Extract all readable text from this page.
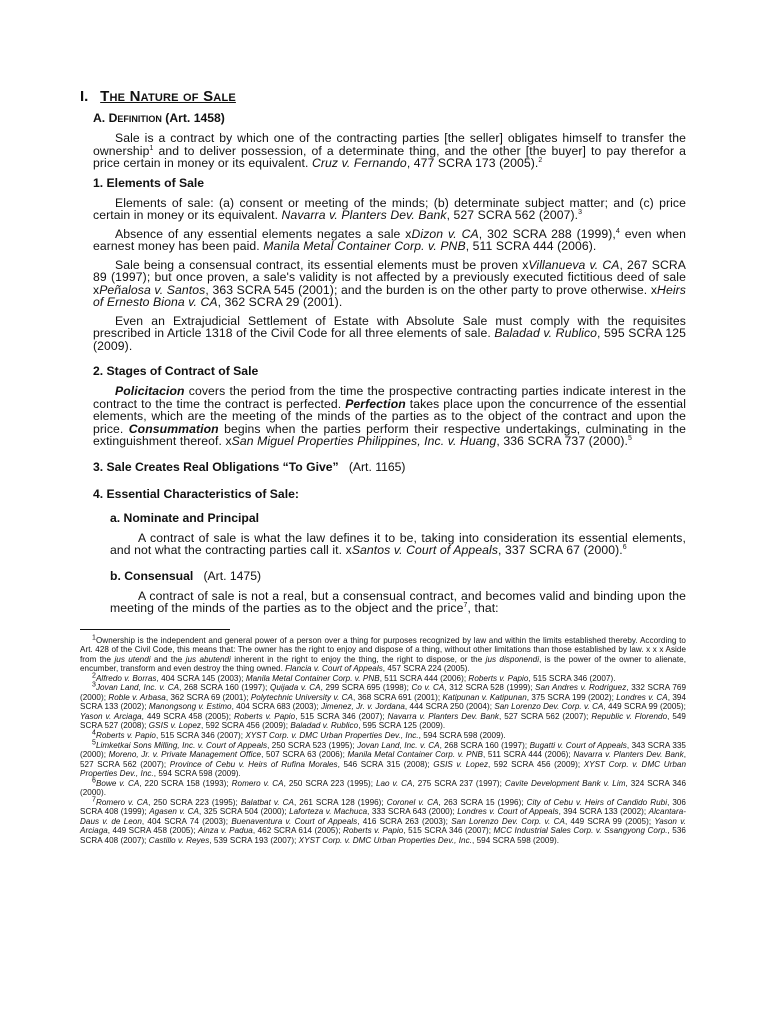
I. The Nature of Sale
A. Definition (Art. 1458)

Sale is a contract by which one of the contracting parties [the seller] obligates himself to transfer the ownership$^1$ and to deliver possession, of a determinate thing, and the other [the buyer] to pay therefor a price certain in money or its equivalent. Cruz v. Fernando, 477 SCRA 173 (2005).$^2$

1. Elements of Sale

Elements of sale: (a) consent or meeting of the minds; (b) determinate subject matter; and (c) price certain in money or its equivalent. Navarra v. Planters Dev. Bank, 527 SCRA 562 (2007).$^3$

Absence of any essential elements negates a sale xDizon v. CA, 302 SCRA 288 (1999),$^4$ even when earnest money has been paid. Manila Metal Container Corp. v. PNB, 511 SCRA 444 (2006).

Sale being a consensual contract, its essential elements must be proven xVillanueva v. CA, 267 SCRA 89 (1997); but once proven, a sale's validity is not affected by a previously executed fictitious deed of sale xPeñalosa v. Santos, 363 SCRA 545 (2001); and the burden is on the other party to prove otherwise. xHeirs of Ernesto Biona v. CA, 362 SCRA 29 (2001).

Even an Extrajudicial Settlement of Estate with Absolute Sale must comply with the requisites prescribed in Article 1318 of the Civil Code for all three elements of sale. Baladad v. Rublico, 595 SCRA 125 (2009).

2. Stages of Contract of Sale

Policitacion covers the period from the time the prospective contracting parties indicate interest in the contract to the time the contract is perfected. Perfection takes place upon the concurrence of the essential elements, which are the meeting of the minds of the parties as to the object of the contract and upon the price. Consummation begins when the parties perform their respective undertakings, culminating in the extinguishment thereof. xSan Miguel Properties Philippines, Inc. v. Huang, 336 SCRA 737 (2000).$^5$

3. Sale Creates Real Obligations “To Give” (Art. 1165)
4. Essential Characteristics of Sale:
a. Nominate and Principal

A contract of sale is what the law defines it to be, taking into consideration its essential elements, and not what the contracting parties call it. xSantos v. Court of Appeals, 337 SCRA 67 (2000).$^6$

b. Consensual (Art. 1475)

A contract of sale is not a real, but a consensual contract, and becomes valid and binding upon the meeting of the minds of the parties as to the object and the price$^7$, that:

$^1$Ownership is the independent and general power of a person over a thing for purposes recognized by law and within the limits established thereby. According to Art. 428 of the Civil Code, this means that: The owner has the right to enjoy and dispose of a thing, without other limitations than those established by law. x x x Aside from the jus utendi and the jus abutendi inherent in the right to enjoy the thing, the right to dispose, or the jus disponendi, is the power of the owner to alienate, encumber, transform and even destroy the thing owned. Flancia v. Court of Appeals, 457 SCRA 224 (2005).

$^2$Alfredo v. Borras, 404 SCRA 145 (2003); Manila Metal Container Corp. v. PNB, 511 SCRA 444 (2006); Roberts v. Papio, 515 SCRA 346 (2007).

$^3$Jovan Land, Inc. v. CA, 268 SCRA 160 (1997); Quijada v. CA, 299 SCRA 695 (1998); Co v. CA, 312 SCRA 528 (1999); San Andres v. Rodriguez, 332 SCRA 769 (2000); Roble v. Arbasa, 362 SCRA 69 (2001); Polytechnic University v. CA, 368 SCRA 691 (2001); Katipunan v. Katipunan, 375 SCRA 199 (2002); Londres v. CA, 394 SCRA 133 (2002); Manongsong v. Estimo, 404 SCRA 683 (2003); Jimenez, Jr. v. Jordana, 444 SCRA 250 (2004); San Lorenzo Dev. Corp. v. CA, 449 SCRA 99 (2005); Yason v. Arciaga, 449 SCRA 458 (2005); Roberts v. Papio, 515 SCRA 346 (2007); Navarra v. Planters Dev. Bank, 527 SCRA 562 (2007); Republic v. Florendo, 549 SCRA 527 (2008); GSIS v. Lopez, 592 SCRA 456 (2009); Baladad v. Rublico, 595 SCRA 125 (2009).

$^4$Roberts v. Papio, 515 SCRA 346 (2007); XYST Corp. v. DMC Urban Properties Dev., Inc., 594 SCRA 598 (2009).

$^5$Limketkai Sons Milling, Inc. v. Court of Appeals, 250 SCRA 523 (1995); Jovan Land, Inc. v. CA, 268 SCRA 160 (1997); Bugatti v. Court of Appeals, 343 SCRA 335 (2000); Moreno, Jr. v. Private Management Office, 507 SCRA 63 (2006); Manila Metal Container Corp. v. PNB, 511 SCRA 444 (2006); Navarra v. Planters Dev. Bank, 527 SCRA 562 (2007); Province of Cebu v. Heirs of Rufina Morales, 546 SCRA 315 (2008); GSIS v. Lopez, 592 SCRA 456 (2009); XYST Corp. v. DMC Urban Properties Dev., Inc., 594 SCRA 598 (2009).

$^6$Bowe v. CA, 220 SCRA 158 (1993); Romero v. CA, 250 SCRA 223 (1995); Lao v. CA, 275 SCRA 237 (1997); Cavite Development Bank v. Lim, 324 SCRA 346 (2000).

$^7$Romero v. CA, 250 SCRA 223 (1995); Balatbat v. CA, 261 SCRA 128 (1996); Coronel v. CA, 263 SCRA 15 (1996); City of Cebu v. Heirs of Candido Rubi, 306 SCRA 408 (1999); Agasen v. CA, 325 SCRA 504 (2000); Laforteza v. Machuca, 333 SCRA 643 (2000); Londres v. Court of Appeals, 394 SCRA 133 (2002); Alcantara-Daus v. de Leon, 404 SCRA 74 (2003); Buenaventura v. Court of Appeals, 416 SCRA 263 (2003); San Lorenzo Dev. Corp. v. CA, 449 SCRA 99 (2005); Yason v. Arciaga, 449 SCRA 458 (2005); Ainza v. Padua, 462 SCRA 614 (2005); Roberts v. Papio, 515 SCRA 346 (2007); MCC Industrial Sales Corp. v. Ssangyong Corp., 536 SCRA 408 (2007); Castillo v. Reyes, 539 SCRA 193 (2007); XYST Corp. v. DMC Urban Properties Dev., Inc., 594 SCRA 598 (2009).
